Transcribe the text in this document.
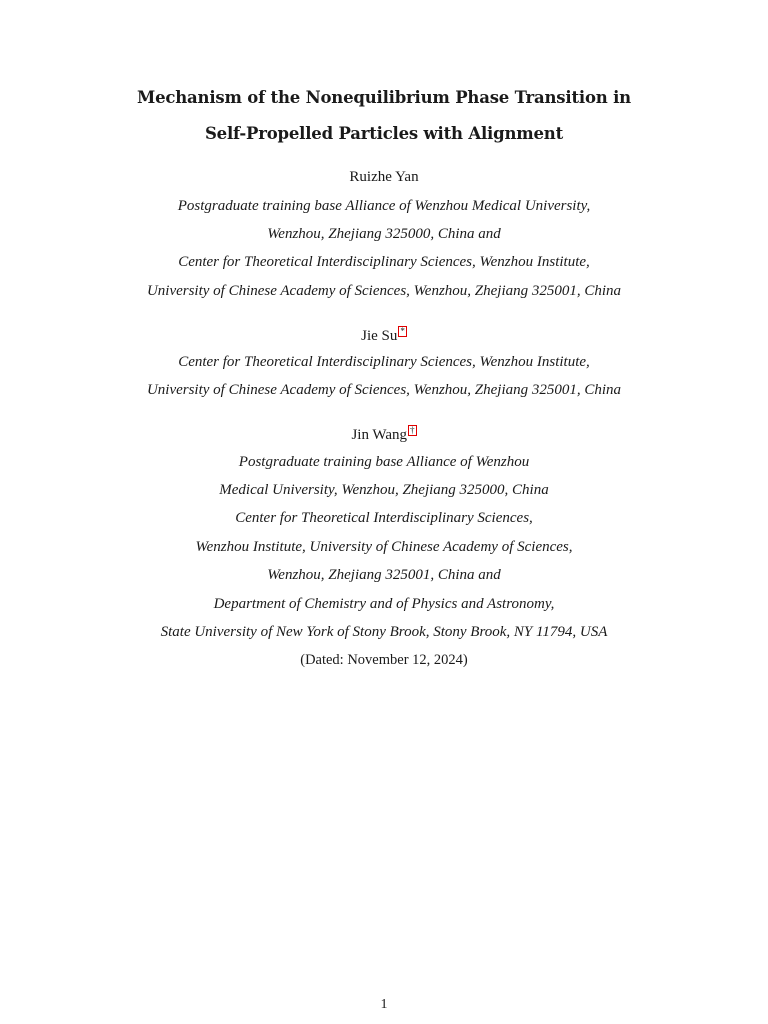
Mechanism of the Nonequilibrium Phase Transition in
Self-Propelled Particles with Alignment
Ruizhe Yan
Postgraduate training base Alliance of Wenzhou Medical University,
Wenzhou, Zhejiang 325000, China and
Center for Theoretical Interdisciplinary Sciences, Wenzhou Institute,
University of Chinese Academy of Sciences, Wenzhou, Zhejiang 325001, China
Jie Su *
Center for Theoretical Interdisciplinary Sciences, Wenzhou Institute,
University of Chinese Academy of Sciences, Wenzhou, Zhejiang 325001, China
Jin Wang †
Postgraduate training base Alliance of Wenzhou
Medical University, Wenzhou, Zhejiang 325000, China
Center for Theoretical Interdisciplinary Sciences,
Wenzhou Institute, University of Chinese Academy of Sciences,
Wenzhou, Zhejiang 325001, China and
Department of Chemistry and of Physics and Astronomy,
State University of New York of Stony Brook, Stony Brook, NY 11794, USA
(Dated: November 12, 2024)
1
